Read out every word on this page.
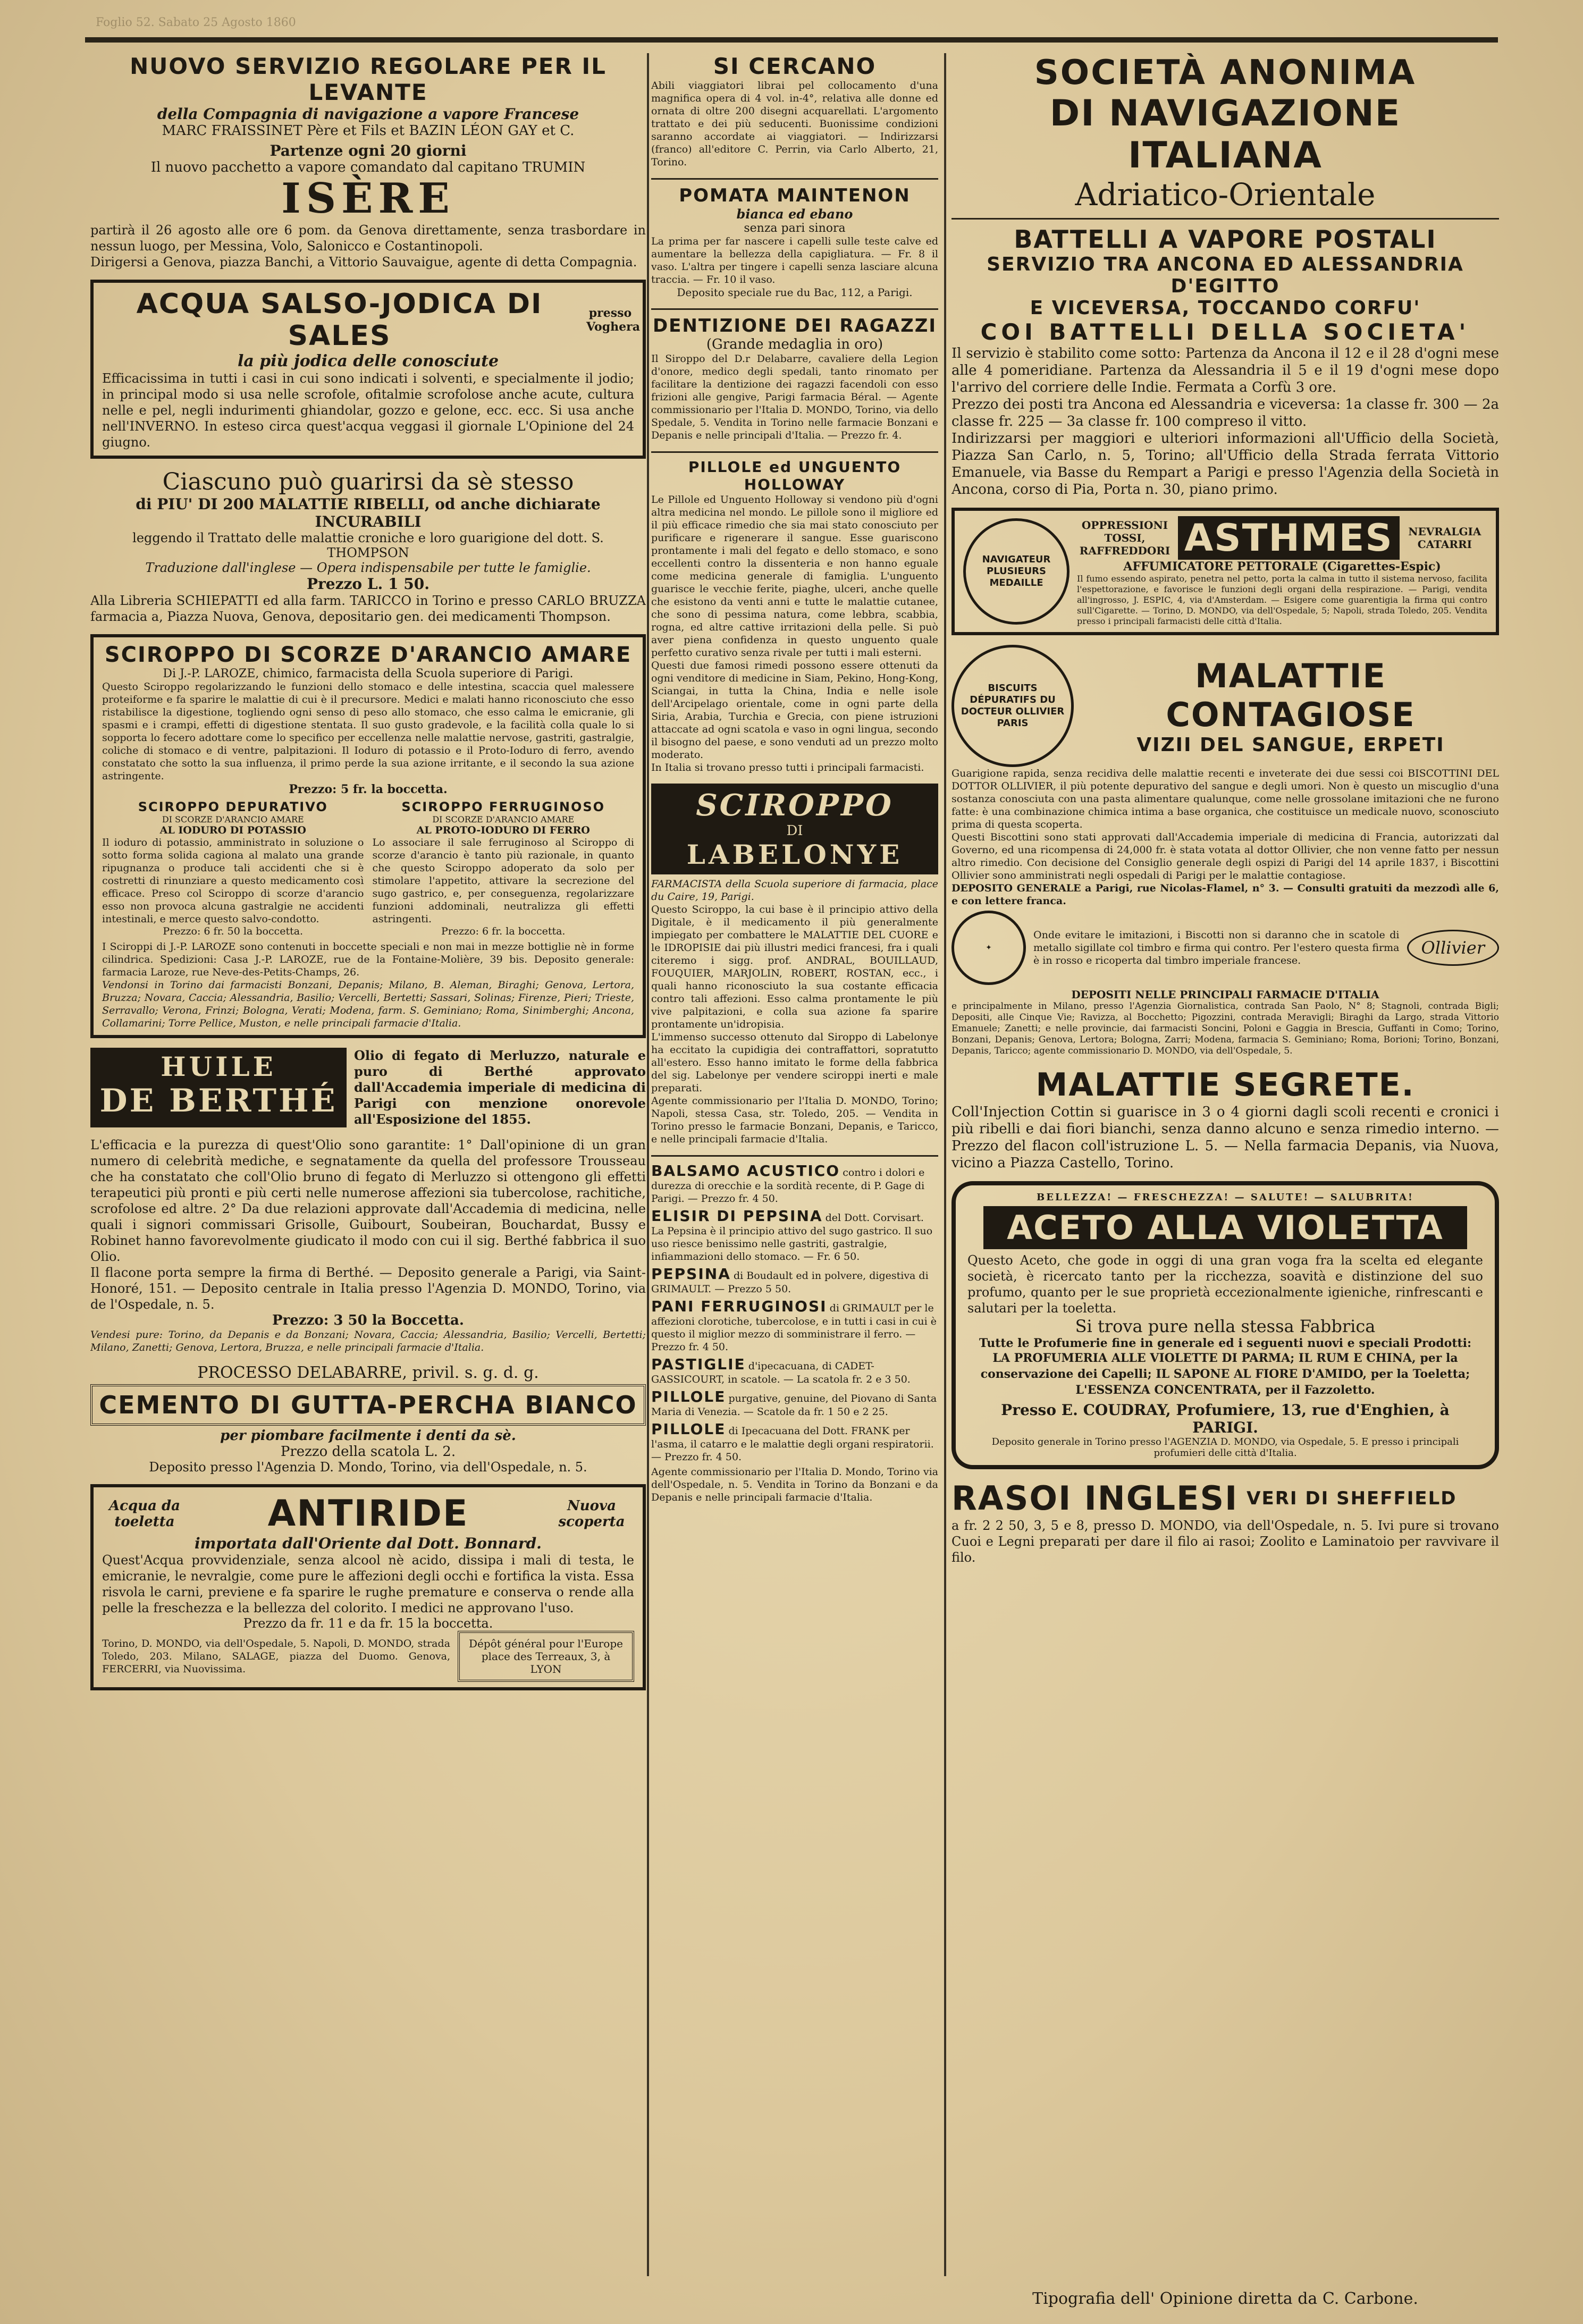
Foglio 52. Sabato 25 Agosto 1860
NUOVO SERVIZIO REGOLARE PER IL LEVANTE
della Compagnia di navigazione a vapore Francese
MARC FRAISSINET Père et Fils et BAZIN LÉON GAY et C.
Partenze ogni 20 giorni
Il nuovo pacchetto a vapore comandato dal capitano TRUMIN
ISÈRE
partirà il 26 agosto alle ore 6 pom. da Genova direttamente, senza trasbordare in nessun luogo, per Messina, Volo, Salonicco e Costantinopoli.
Dirigersi a Genova, piazza Banchi, a Vittorio Sauvaigue, agente di detta Compagnia.
ACQUA SALSO-JODICA DI SALES
presso Voghera
la più jodica delle conosciute
Efficacissima in tutti i casi in cui sono indicati i solventi, e specialmente il jodio; in principal modo si usa nelle scrofole, ofitalmie scrofolose anche acute, cultura nelle e pel, negli indurimenti ghiandolar, gozzo e gelone, ecc. ecc. Si usa anche nell'INVERNO. In esteso circa quest'acqua veggasi il giornale L'Opinione del 24 giugno.
Ciascuno può guarirsi da sè stesso
di PIU' DI 200 MALATTIE RIBELLI, od anche dichiarate INCURABILI
leggendo il Trattato delle malattie croniche e loro guarigione del dott. S. THOMPSON
Traduzione dall'inglese — Opera indispensabile per tutte le famiglie.
Prezzo L. 1 50.
Alla Libreria SCHIEPATTI ed alla farm. TARICCO in Torino e presso CARLO BRUZZA farmacia a, Piazza Nuova, Genova, depositario gen. dei medicamenti Thompson.
SCIROPPO DI SCORZE D'ARANCIO AMARE
Di J.-P. LAROZE, chimico, farmacista della Scuola superiore di Parigi.
Questo Sciroppo regolarizzando le funzioni dello stomaco e delle intestina, scaccia quel malessere proteiforme e fa sparire le malattie di cui è il precursore. Medici e malati hanno riconosciuto che esso ristabilisce la digestione, togliendo ogni senso di peso allo stomaco, che esso calma le emicranie, gli spasmi e i crampi, effetti di digestione stentata. Il suo gusto gradevole, e la facilità colla quale lo si sopporta lo fecero adottare come lo specifico per eccellenza nelle malattie nervose, gastriti, gastralgie, coliche di stomaco e di ventre, palpitazioni. Il Ioduro di potassio e il Proto-Ioduro di ferro, avendo constatato che sotto la sua influenza, il primo perde la sua azione irritante, e il secondo la sua azione astringente.
Prezzo: 5 fr. la boccetta.
SCIROPPO DEPURATIVO
DI SCORZE D'ARANCIO AMARE
AL IODURO DI POTASSIO
Il ioduro di potassio, amministrato in soluzione o sotto forma solida cagiona al malato una grande ripugnanza o produce tali accidenti che si è costretti di rinunziare a questo medicamento così efficace. Preso col Sciroppo di scorze d'arancio esso non provoca alcuna gastralgie ne accidenti intestinali, e merce questo salvo-condotto.
Prezzo: 6 fr. 50 la boccetta.
SCIROPPO FERRUGINOSO
DI SCORZE D'ARANCIO AMARE
AL PROTO-IODURO DI FERRO
Lo associare il sale ferruginoso al Sciroppo di scorze d'arancio è tanto più razionale, in quanto che questo Sciroppo adoperato da solo per stimolare l'appetito, attivare la secrezione del sugo gastrico, e, per conseguenza, regolarizzare funzioni addominali, neutralizza gli effetti astringenti.
Prezzo: 6 fr. la boccetta.
I Sciroppi di J.-P. LAROZE sono contenuti in boccette speciali e non mai in mezze bottiglie nè in forme cilindrica. Spedizioni: Casa J.-P. LAROZE, rue de la Fontaine-Molière, 39 bis. Deposito generale: farmacia Laroze, rue Neve-des-Petits-Champs, 26.
Vendonsi in Torino dai farmacisti Bonzani, Depanis; Milano, B. Aleman, Biraghi; Genova, Lertora, Bruzza; Novara, Caccia; Alessandria, Basilio; Vercelli, Bertetti; Sassari, Solinas; Firenze, Pieri; Trieste, Serravallo; Verona, Frinzi; Bologna, Verati; Modena, farm. S. Geminiano; Roma, Sinimberghi; Ancona, Collamarini; Torre Pellice, Muston, e nelle principali farmacie d'Italia.
HUILE
DE BERTHÉ
Olio di fegato di Merluzzo, naturale e puro di Berthé approvato dall'Accademia imperiale di medicina di Parigi con menzione onorevole all'Esposizione del 1855.
L'efficacia e la purezza di quest'Olio sono garantite: 1° Dall'opinione di un gran numero di celebrità mediche, e segnatamente da quella del professore Trousseau che ha constatato che coll'Olio bruno di fegato di Merluzzo si ottengono gli effetti terapeutici più pronti e più certi nelle numerose affezioni sia tubercolose, rachitiche, scrofolose ed altre. 2° Da due relazioni approvate dall'Accademia di medicina, nelle quali i signori commissari Grisolle, Guibourt, Soubeiran, Bouchardat, Bussy e Robinet hanno favorevolmente giudicato il modo con cui il sig. Berthé fabbrica il suo Olio.
Il flacone porta sempre la firma di Berthé. — Deposito generale a Parigi, via Saint-Honoré, 151. — Deposito centrale in Italia presso l'Agenzia D. MONDO, Torino, via de l'Ospedale, n. 5.
Prezzo: 3 50 la Boccetta.
Vendesi pure: Torino, da Depanis e da Bonzani; Novara, Caccia; Alessandria, Basilio; Vercelli, Bertetti; Milano, Zanetti; Genova, Lertora, Bruzza, e nelle principali farmacie d'Italia.
PROCESSO DELABARRE, privil. s. g. d. g.
CEMENTO DI GUTTA-PERCHA BIANCO
per piombare facilmente i denti da sè.
Prezzo della scatola L. 2.
Deposito presso l'Agenzia D. Mondo, Torino, via dell'Ospedale, n. 5.
Acqua da toeletta	ANTIRIDE	Nuova scoperta
importata dall'Oriente dal Dott. Bonnard.
Quest'Acqua provvidenziale, senza alcool nè acido, dissipa i mali di testa, le emicranie, le nevralgie, come pure le affezioni degli occhi e fortifica la vista. Essa risvola le carni, previene e fa sparire le rughe premature e conserva o rende alla pelle la freschezza e la bellezza del colorito. I medici ne approvano l'uso.
Prezzo da fr. 11 e da fr. 15 la boccetta.
Torino, D. MONDO, via dell'Ospedale, 5. Napoli, D. MONDO, strada Toledo, 203. Milano, SALAGE, piazza del Duomo. Genova, FERCERRI, via Nuovissima.
Dépôt général pour l'Europe place des Terreaux, 3, à LYON
SI CERCANO
Abili viaggiatori librai pel collocamento d'una magnifica opera di 4 vol. in-4°, relativa alle donne ed ornata di oltre 200 disegni acquarellati. L'argomento trattato e dei più seducenti. Buonissime condizioni saranno accordate ai viaggiatori. — Indirizzarsi (franco) all'editore C. Perrin, via Carlo Alberto, 21, Torino.
POMATA MAINTENON
bianca ed ebano
senza pari sinora
La prima per far nascere i capelli sulle teste calve ed aumentare la bellezza della capigliatura. — Fr. 8 il vaso. L'altra per tingere i capelli senza lasciare alcuna traccia. — Fr. 10 il vaso.
Deposito speciale rue du Bac, 112, a Parigi.
DENTIZIONE DEI RAGAZZI
(Grande medaglia in oro)
Il Siroppo del D.r Delabarre, cavaliere della Legion d'onore, medico degli spedali, tanto rinomato per facilitare la dentizione dei ragazzi facendoli con esso frizioni alle gengive, Parigi farmacia Béral. — Agente commissionario per l'Italia D. MONDO, Torino, via dello Spedale, 5. Vendita in Torino nelle farmacie Bonzani e Depanis e nelle principali d'Italia. — Prezzo fr. 4.
PILLOLE ed UNGUENTO HOLLOWAY
Le Pillole ed Unguento Holloway si vendono più d'ogni altra medicina nel mondo. Le pillole sono il migliore ed il più efficace rimedio che sia mai stato conosciuto per purificare e rigenerare il sangue. Esse guariscono prontamente i mali del fegato e dello stomaco, e sono eccellenti contro la dissenteria e non hanno eguale come medicina generale di famiglia. L'unguento guarisce le vecchie ferite, piaghe, ulceri, anche quelle che esistono da venti anni e tutte le malattie cutanee, che sono di pessima natura, come lebbra, scabbia, rogna, ed altre cattive irritazioni della pelle. Si può aver piena confidenza in questo unguento quale perfetto curativo senza rivale per tutti i mali esterni.
Questi due famosi rimedi possono essere ottenuti da ogni venditore di medicine in Siam, Pekino, Hong-Kong, Sciangai, in tutta la China, India e nelle isole dell'Arcipelago orientale, come in ogni parte della Siria, Arabia, Turchia e Grecia, con piene istruzioni attaccate ad ogni scatola e vaso in ogni lingua, secondo il bisogno del paese, e sono venduti ad un prezzo molto moderato.
In Italia si trovano presso tutti i principali farmacisti.
SCIROPPO
DI
LABELONYE
FARMACISTA della Scuola superiore di farmacia, place du Caire, 19, Parigi.
Questo Sciroppo, la cui base è il principio attivo della Digitale, è il medicamento il più generalmente impiegato per combattere le MALATTIE DEL CUORE e le IDROPISIE dai più illustri medici francesi, fra i quali citeremo i sigg. prof. ANDRAL, BOUILLAUD, FOUQUIER, MARJOLIN, ROBERT, ROSTAN, ecc., i quali hanno riconosciuto la sua costante efficacia contro tali affezioni. Esso calma prontamente le più vive palpitazioni, e colla sua azione fa sparire prontamente un'idropisia.
L'immenso successo ottenuto dal Siroppo di Labelonye ha eccitato la cupidigia dei contraffattori, sopratutto all'estero. Esso hanno imitato le forme della fabbrica del sig. Labelonye per vendere sciroppi inerti e male preparati.
Agente commissionario per l'Italia D. MONDO, Torino; Napoli, stessa Casa, str. Toledo, 205. — Vendita in Torino presso le farmacie Bonzani, Depanis, e Taricco, e nelle principali farmacie d'Italia.
BALSAMO ACUSTICO contro i dolori e durezza di orecchie e la sordità recente, di P. Gage di Parigi. — Prezzo fr. 4 50.
ELISIR DI PEPSINA del Dott. Corvisart. La Pepsina è il principio attivo del sugo gastrico. Il suo uso riesce benissimo nelle gastriti, gastralgie, infiammazioni dello stomaco. — Fr. 6 50.
PEPSINA di Boudault ed in polvere, digestiva di GRIMAULT. — Prezzo 5 50.
PANI FERRUGINOSI di GRIMAULT per le affezioni clorotiche, tubercolose, e in tutti i casi in cui è questo il miglior mezzo di somministrare il ferro. — Prezzo fr. 4 50.
PASTIGLIE d'ipecacuana, di CADET-GASSICOURT, in scatole. — La scatola fr. 2 e 3 50.
PILLOLE purgative, genuine, del Piovano di Santa Maria di Venezia. — Scatole da fr. 1 50 e 2 25.
PILLOLE di Ipecacuana del Dott. FRANK per l'asma, il catarro e le malattie degli organi respiratorii. — Prezzo fr. 4 50.
Agente commissionario per l'Italia D. Mondo, Torino via dell'Ospedale, n. 5. Vendita in Torino da Bonzani e da Depanis e nelle principali farmacie d'Italia.
SOCIETÀ ANONIMA
DI NAVIGAZIONE ITALIANA
Adriatico-Orientale
BATTELLI A VAPORE POSTALI
SERVIZIO TRA ANCONA ED ALESSANDRIA D'EGITTO
E VICEVERSA, TOCCANDO CORFU'
COI BATTELLI DELLA SOCIETA'
Il servizio è stabilito come sotto: Partenza da Ancona il 12 e il 28 d'ogni mese alle 4 pomeridiane. Partenza da Alessandria il 5 e il 19 d'ogni mese dopo l'arrivo del corriere delle Indie. Fermata a Corfù 3 ore.
Prezzo dei posti tra Ancona ed Alessandria e viceversa: 1a classe fr. 300 — 2a classe fr. 225 — 3a classe fr. 100 compreso il vitto.
Indirizzarsi per maggiori e ulteriori informazioni all'Ufficio della Società, Piazza San Carlo, n. 5, Torino; all'Ufficio della Strada ferrata Vittorio Emanuele, via Basse du Rempart a Parigi e presso l'Agenzia della Società in Ancona, corso di Pia, Porta n. 30, piano primo.
NAVIGATEUR PLUSIEURS MEDAILLE
OPPRESSIONI TOSSI, RAFFREDDORI ASTHMES	NEVRALGIA CATARRI
AFFUMICATORE PETTORALE (Cigarettes-Espic)
Il fumo essendo aspirato, penetra nel petto, porta la calma in tutto il sistema nervoso, facilita l'espettorazione, e favorisce le funzioni degli organi della respirazione. — Parigi, vendita all'ingrosso, J. ESPIC, 4, via d'Amsterdam. — Esigere come guarentigia la firma qui contro sull'Cigarette. — Torino, D. MONDO, via dell'Ospedale, 5; Napoli, strada Toledo, 205. Vendita presso i principali farmacisti delle città d'Italia.
BISCUITS DÉPURATIFS DU DOCTEUR OLLIVIER PARIS
MALATTIE CONTAGIOSE
VIZII DEL SANGUE, ERPETI
Guarigione rapida, senza recidiva delle malattie recenti e inveterate dei due sessi coi BISCOTTINI DEL DOTTOR OLLIVIER, il più potente depurativo del sangue e degli umori. Non è questo un miscuglio d'una sostanza conosciuta con una pasta alimentare qualunque, come nelle grossolane imitazioni che ne furono fatte: è una combinazione chimica intima a base organica, che costituisce un medicale nuovo, sconosciuto prima di questa scoperta.
Questi Biscottini sono stati approvati dall'Accademia imperiale di medicina di Francia, autorizzati dal Governo, ed una ricompensa di 24,000 fr. è stata votata al dottor Ollivier, che non venne fatto per nessun altro rimedio. Con decisione del Consiglio generale degli ospizi di Parigi del 14 aprile 1837, i Biscottini Ollivier sono amministrati negli ospedali di Parigi per le malattie contagiose.
DEPOSITO GENERALE a Parigi, rue Nicolas-Flamel, n° 3. — Consulti gratuiti da mezzodì alle 6, e con lettere franca.
✦
Onde evitare le imitazioni, i Biscotti non si daranno che in scatole di metallo sigillate col timbro e firma qui contro. Per l'estero questa firma è in rosso e ricoperta dal timbro imperiale francese.
Ollivier
DEPOSITI NELLE PRINCIPALI FARMACIE D'ITALIA
e principalmente in Milano, presso l'Agenzia Giornalistica, contrada San Paolo, N° 8; Stagnoli, contrada Bigli; Depositi, alle Cinque Vie; Ravizza, al Bocchetto; Pigozzini, contrada Meravigli; Biraghi da Largo, strada Vittorio Emanuele; Zanetti; e nelle provincie, dai farmacisti Soncini, Poloni e Gaggia in Brescia, Guffanti in Como; Torino, Bonzani, Depanis; Genova, Lertora; Bologna, Zarri; Modena, farmacia S. Geminiano; Roma, Borioni; Torino, Bonzani, Depanis, Taricco; agente commissionario D. MONDO, via dell'Ospedale, 5.
MALATTIE SEGRETE.
Coll'Injection Cottin si guarisce in 3 o 4 giorni dagli scoli recenti e cronici i più ribelli e dai fiori bianchi, senza danno alcuno e senza rimedio interno. — Prezzo del flacon coll'istruzione L. 5. — Nella farmacia Depanis, via Nuova, vicino a Piazza Castello, Torino.
BELLEZZA! — FRESCHEZZA! — SALUTE! — SALUBRITA!
ACETO ALLA VIOLETTA
Questo Aceto, che gode in oggi di una gran voga fra la scelta ed elegante società, è ricercato tanto per la ricchezza, soavità e distinzione del suo profumo, quanto per le sue proprietà eccezionalmente igieniche, rinfrescanti e salutari per la toeletta.
Si trova pure nella stessa Fabbrica
Tutte le Profumerie fine in generale ed i seguenti nuovi e speciali Prodotti:
LA PROFUMERIA ALLE VIOLETTE DI PARMA; IL RUM E CHINA, per la conservazione dei Capelli; IL SAPONE AL FIORE D'AMIDO, per la Toeletta; L'ESSENZA CONCENTRATA, per il Fazzoletto.
Presso E. COUDRAY, Profumiere, 13, rue d'Enghien, à PARIGI.
Deposito generale in Torino presso l'AGENZIA D. MONDO, via Ospedale, 5. E presso i principali profumieri delle città d'Italia.
RASOI INGLESI VERI DI SHEFFIELD
a fr. 2 2 50, 3, 5 e 8, presso D. MONDO, via dell'Ospedale, n. 5. Ivi pure si trovano Cuoi e Legni preparati per dare il filo ai rasoi; Zoolito e Laminatoio per ravvivare il filo.
Tipografia dell' Opinione diretta da C. Carbone.
